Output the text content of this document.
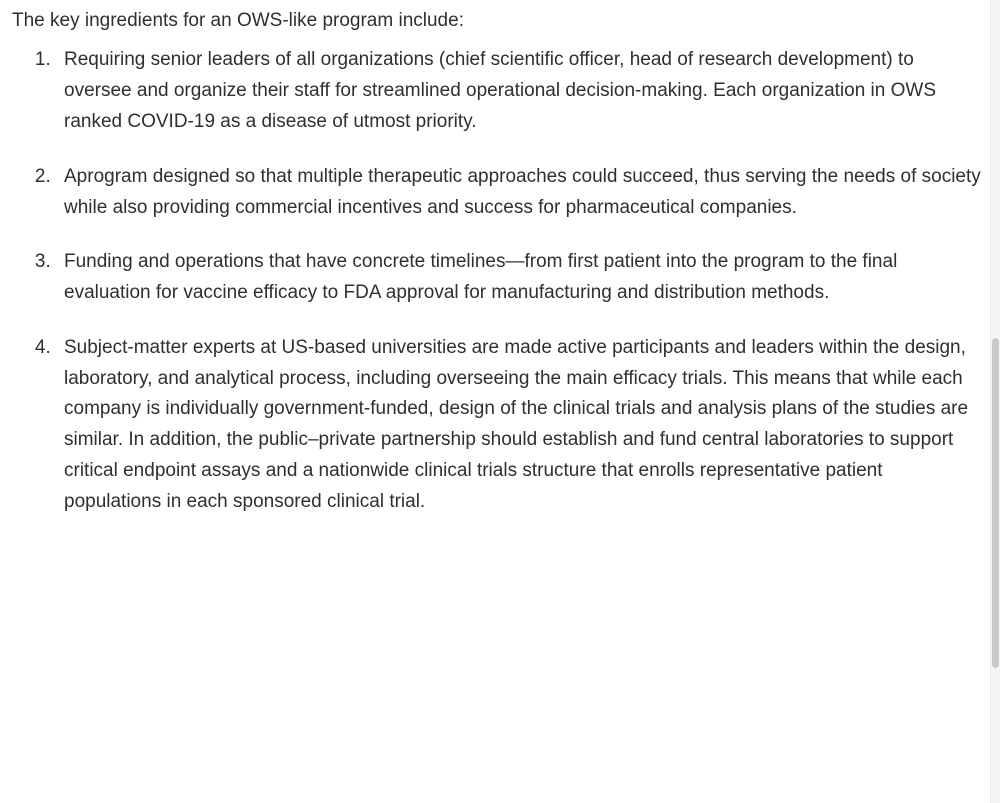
The key ingredients for an OWS-like program include:

1. Requiring senior leaders of all organizations (chief scientific officer, head of research development) to oversee and organize their staff for streamlined operational decision-making. Each organization in OWS ranked COVID-19 as a disease of utmost priority.
2. Aprogram designed so that multiple therapeutic approaches could succeed, thus serving the needs of society while also providing commercial incentives and success for pharmaceutical companies.
3. Funding and operations that have concrete timelines—from first patient into the program to the final evaluation for vaccine efficacy to FDA approval for manufacturing and distribution methods.
4. Subject-matter experts at US-based universities are made active participants and leaders within the design, laboratory, and analytical process, including overseeing the main efficacy trials. This means that while each company is individually government-funded, design of the clinical trials and analysis plans of the studies are similar. In addition, the public–private partnership should establish and fund central laboratories to support critical endpoint assays and a nationwide clinical trials structure that enrolls representative patient populations in each sponsored clinical trial.
